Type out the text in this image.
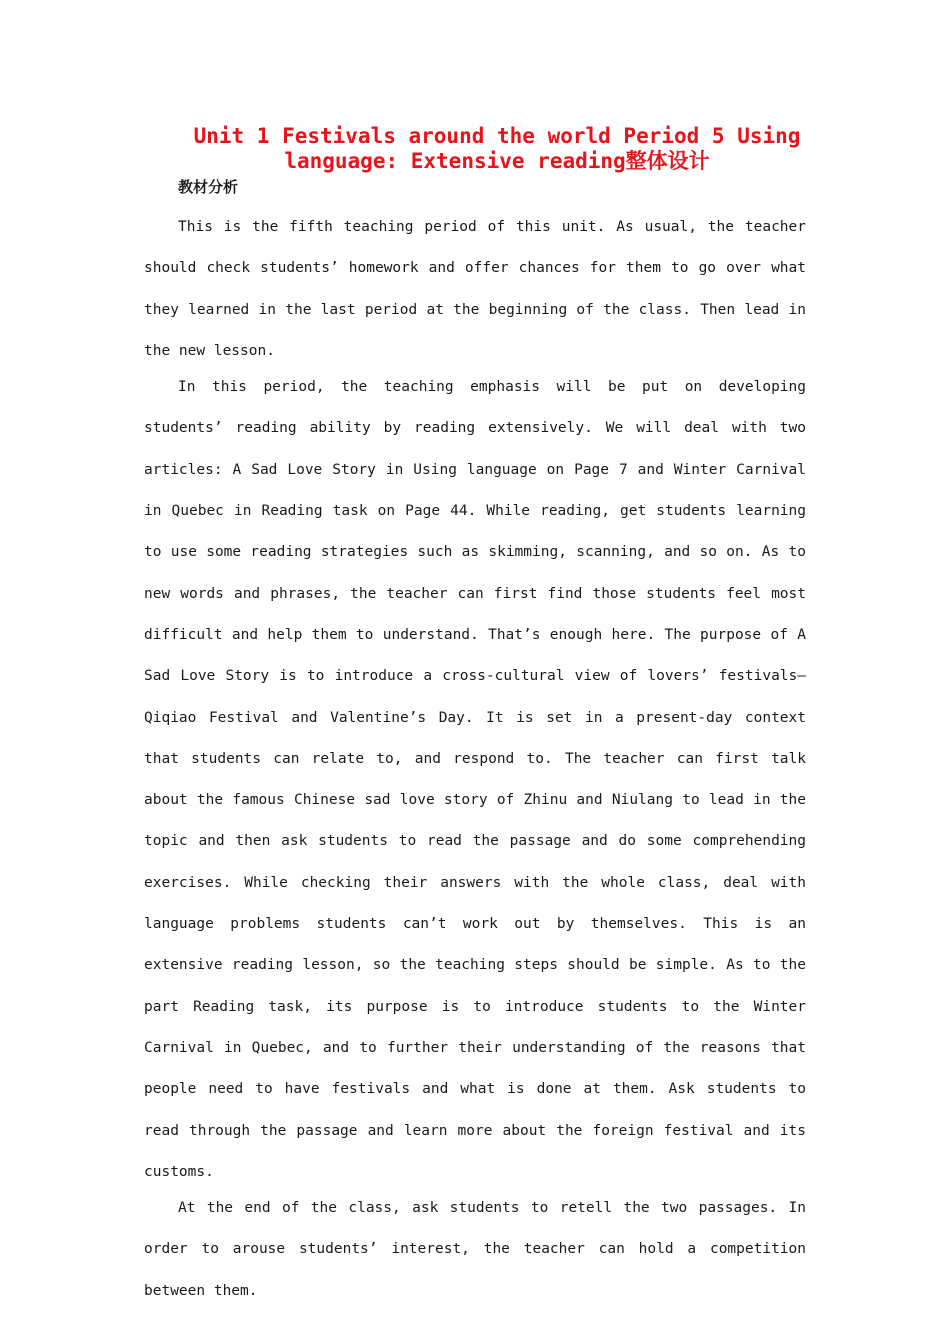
Unit 1 Festivals around the world Period 5 Using language: Extensive reading整体设计
教材分析

This is the fifth teaching period of this unit. As usual, the teacher should check students’ homework and offer chances for them to go over what they learned in the last period at the beginning of the class. Then lead in the new lesson.

In this period, the teaching emphasis will be put on developing students’ reading ability by reading extensively. We will deal with two articles: A Sad Love Story in Using language on Page 7 and Winter Carnival in Quebec in Reading task on Page 44. While reading, get students learning to use some reading strategies such as skimming, scanning, and so on. As to new words and phrases, the teacher can first find those students feel most difficult and help them to understand. That’s enough here. The purpose of A Sad Love Story is to introduce a cross-cultural view of lovers’ festivals—Qiqiao Festival and Valentine’s Day. It is set in a present-day context that students can relate to, and respond to. The teacher can first talk about the famous Chinese sad love story of Zhinu and Niulang to lead in the topic and then ask students to read the passage and do some comprehending exercises. While checking their answers with the whole class, deal with language problems students can’t work out by themselves. This is an extensive reading lesson, so the teaching steps should be simple. As to the part Reading task, its purpose is to introduce students to the Winter Carnival in Quebec, and to further their understanding of the reasons that people need to have festivals and what is done at them. Ask students to read through the passage and learn more about the foreign festival and its customs.

At the end of the class, ask students to retell the two passages. In order to arouse students’ interest, the teacher can hold a competition between them.
